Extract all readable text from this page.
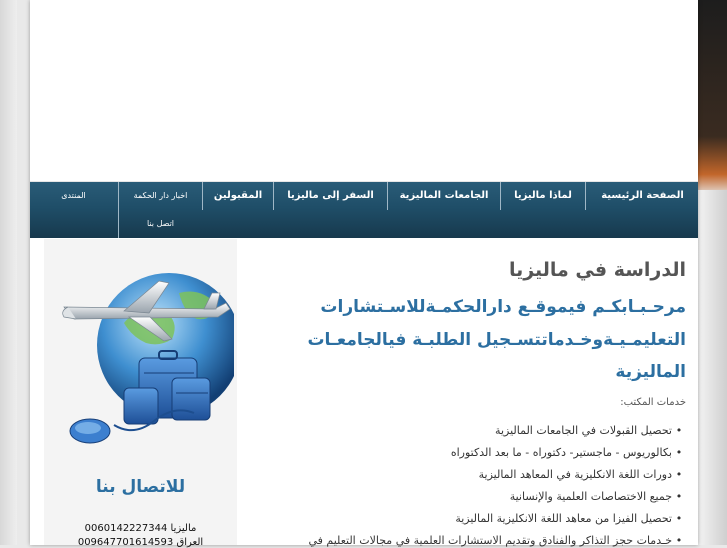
الصفحة الرئيسية
لماذا ماليزيا
الجامعات الماليزية
السفر إلى ماليزيا
المقبولين
اخبار دار الحكمة
المنتدى
اتصل بنا
للاتصال بنا
ماليزيا 0060142227344
العراق 009647701614593
الدراسة في ماليزيا
مرحـبـابكـم فيموقـع دارالحكمـةللاسـتشارات
التعليمـيـةوخـدماتتسـجيل الطلبـة فيالجامعـات
الماليزية
خدمات المكتب:
•تحصيل القبولات في الجامعات الماليزية
•بكالوريوس - ماجستير- دكتوراه - ما بعد الدكتوراه
•دورات اللغة الانكليزية في المعاهد الماليزية
•جميع الاختصاصات العلمية والإنسانية
•تحصيل الفيزا من معاهد اللغة الانكليزية الماليزية
•خـدمات حجز التذاكر والفنادق وتقديم الاستشارات العلمية في مجالات التعليم في
